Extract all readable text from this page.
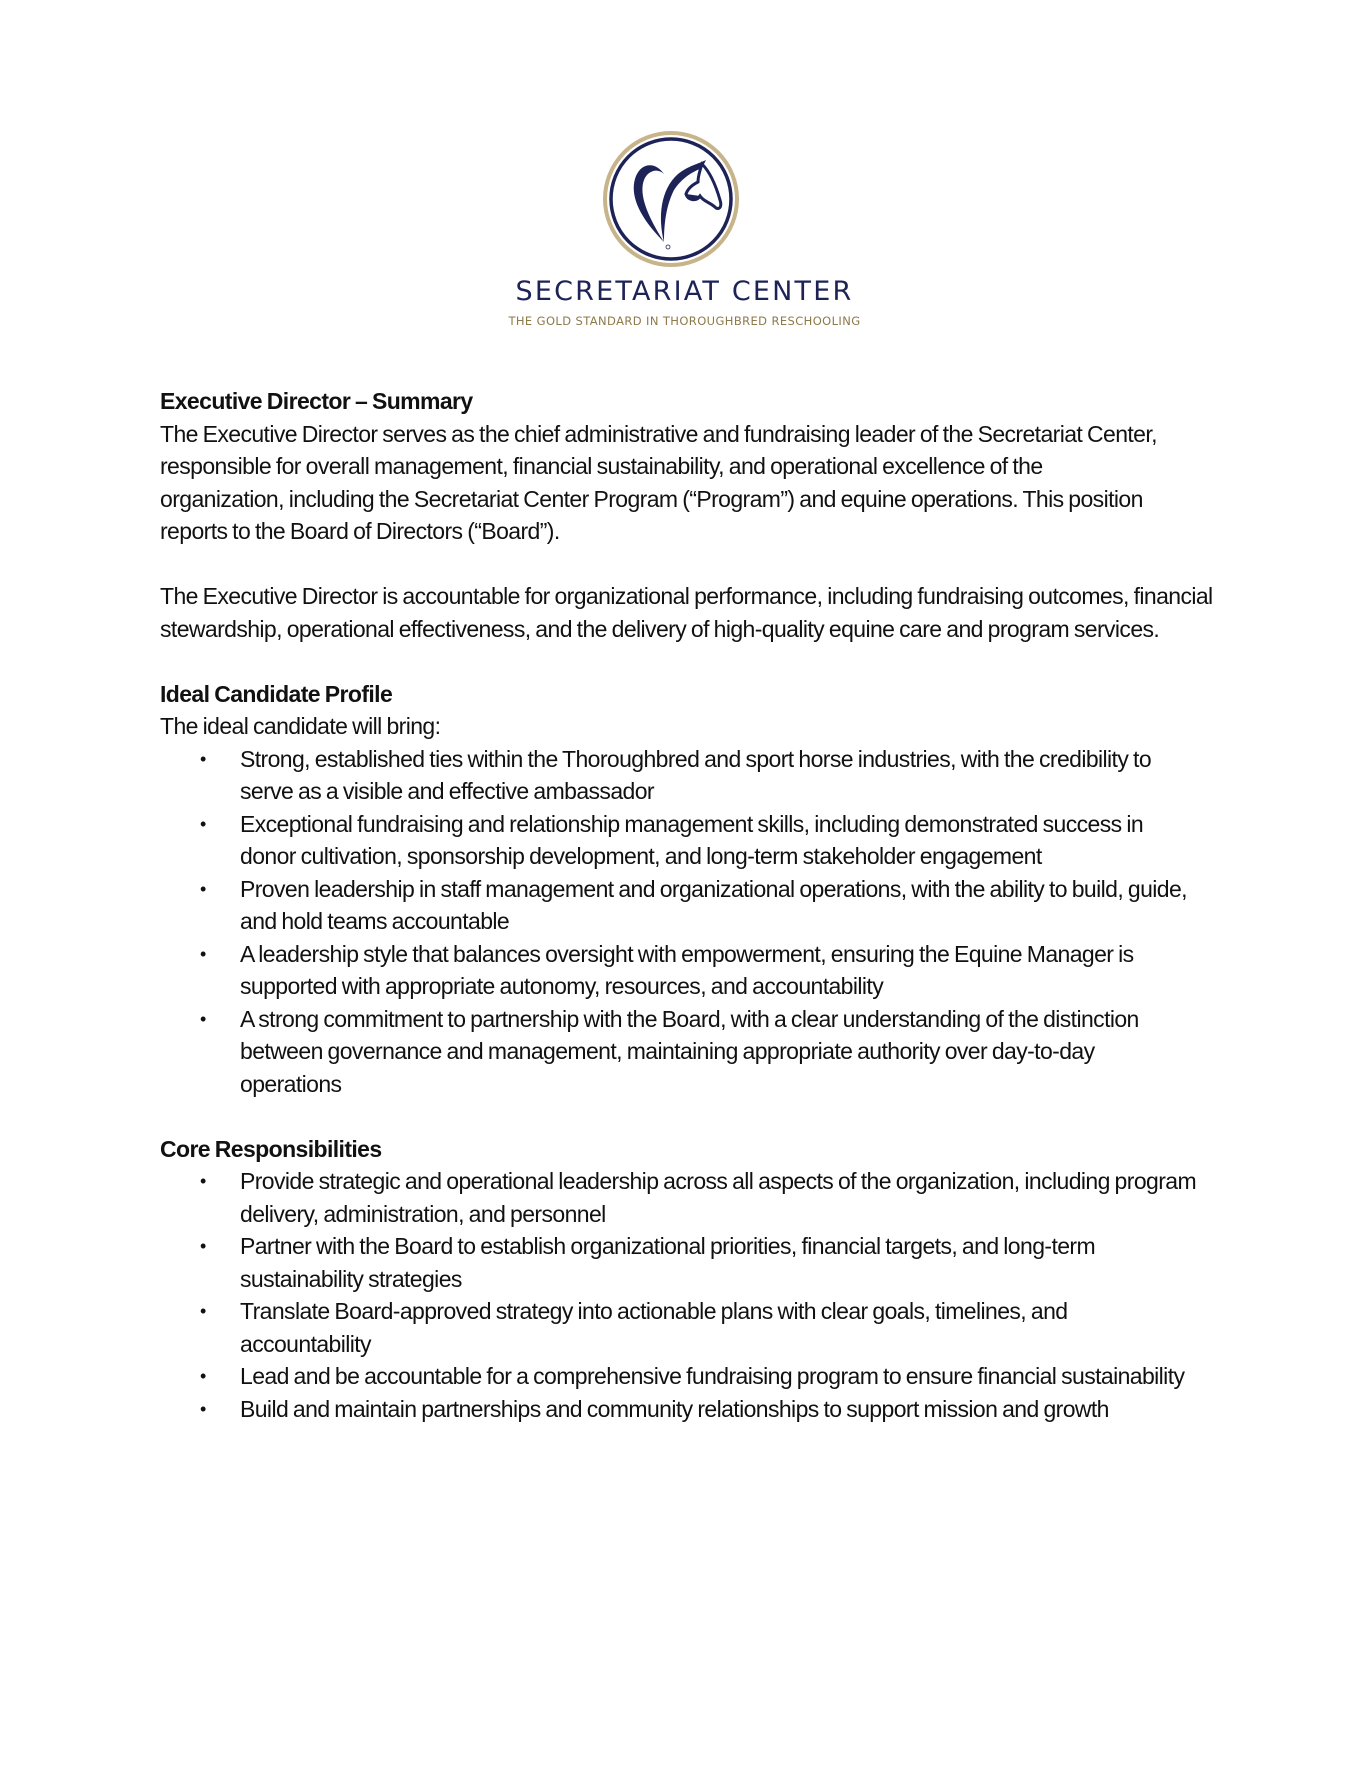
SECRETARIAT CENTER
THE GOLD STANDARD IN THOROUGHBRED RESCHOOLING
Executive Director – Summary

The Executive Director serves as the chief administrative and fundraising leader of the Secretariat Center, responsible for overall management, financial sustainability, and operational excellence of the organization, including the Secretariat Center Program (“Program”) and equine operations. This position reports to the Board of Directors (“Board”).

The Executive Director is accountable for organizational performance, including fundraising outcomes, financial stewardship, operational effectiveness, and the delivery of high-quality equine care and program services.

Ideal Candidate Profile

The ideal candidate will bring:

• Strong, established ties within the Thoroughbred and sport horse industries, with the credibility to serve as a visible and effective ambassador
• Exceptional fundraising and relationship management skills, including demonstrated success in donor cultivation, sponsorship development, and long-term stakeholder engagement
• Proven leadership in staff management and organizational operations, with the ability to build, guide, and hold teams accountable
• A leadership style that balances oversight with empowerment, ensuring the Equine Manager is supported with appropriate autonomy, resources, and accountability
• A strong commitment to partnership with the Board, with a clear understanding of the distinction between governance and management, maintaining appropriate authority over day-to-day operations
Core Responsibilities
• Provide strategic and operational leadership across all aspects of the organization, including program delivery, administration, and personnel
• Partner with the Board to establish organizational priorities, financial targets, and long-term sustainability strategies
• Translate Board-approved strategy into actionable plans with clear goals, timelines, and accountability
• Lead and be accountable for a comprehensive fundraising program to ensure financial sustainability
• Build and maintain partnerships and community relationships to support mission and growth
